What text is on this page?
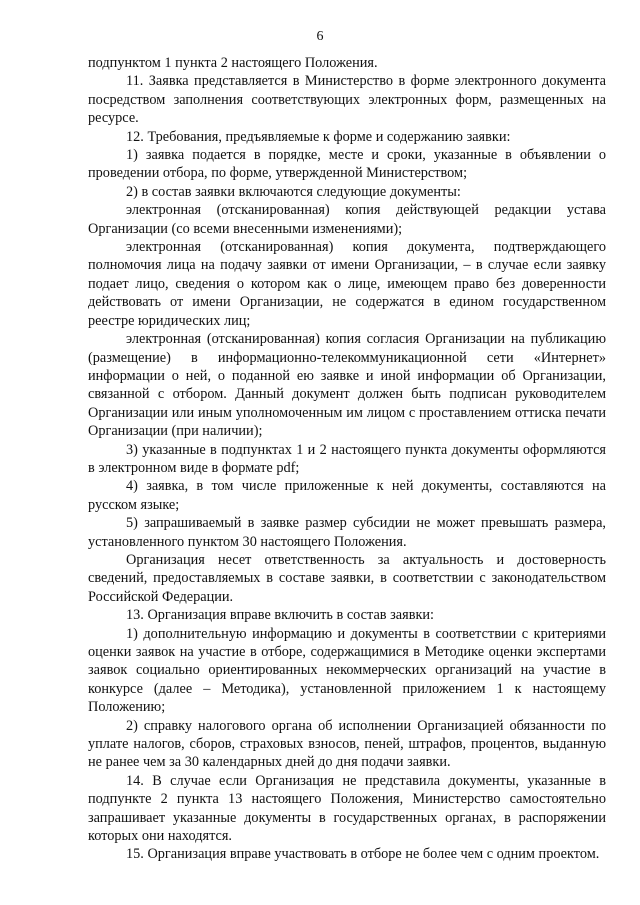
6

подпунктом 1 пункта 2 настоящего Положения.

11. Заявка представляется в Министерство в форме электронного документа посредством заполнения соответствующих электронных форм, размещенных на ресурсе.

12. Требования, предъявляемые к форме и содержанию заявки:

1) заявка подается в порядке, месте и сроки, указанные в объявлении о проведении отбора, по форме, утвержденной Министерством;

2) в состав заявки включаются следующие документы:

электронная (отсканированная) копия действующей редакции устава Организации (со всеми внесенными изменениями);

электронная (отсканированная) копия документа, подтверждающего полномочия лица на подачу заявки от имени Организации, – в случае если заявку подает лицо, сведения о котором как о лице, имеющем право без доверенности действовать от имени Организации, не содержатся в едином государственном реестре юридических лиц;

электронная (отсканированная) копия согласия Организации на публикацию (размещение) в информационно-телекоммуникационной сети «Интернет» информации о ней, о поданной ею заявке и иной информации об Организации, связанной с отбором. Данный документ должен быть подписан руководителем Организации или иным уполномоченным им лицом с проставлением оттиска печати Организации (при наличии);

3) указанные в подпунктах 1 и 2 настоящего пункта документы оформляются в электронном виде в формате pdf;

4) заявка, в том числе приложенные к ней документы, составляются на русском языке;

5) запрашиваемый в заявке размер субсидии не может превышать размера, установленного пунктом 30 настоящего Положения.

Организация несет ответственность за актуальность и достоверность сведений, предоставляемых в составе заявки, в соответствии с законодательством Российской Федерации.

13. Организация вправе включить в состав заявки:

1) дополнительную информацию и документы в соответствии с критериями оценки заявок на участие в отборе, содержащимися в Методике оценки экспертами заявок социально ориентированных некоммерческих организаций на участие в конкурсе (далее – Методика), установленной приложением 1 к настоящему Положению;

2) справку налогового органа об исполнении Организацией обязанности по уплате налогов, сборов, страховых взносов, пеней, штрафов, процентов, выданную не ранее чем за 30 календарных дней до дня подачи заявки.

14. В случае если Организация не представила документы, указанные в подпункте 2 пункта 13 настоящего Положения, Министерство самостоятельно запрашивает указанные документы в государственных органах, в распоряжении которых они находятся.

15. Организация вправе участвовать в отборе не более чем с одним проектом.
